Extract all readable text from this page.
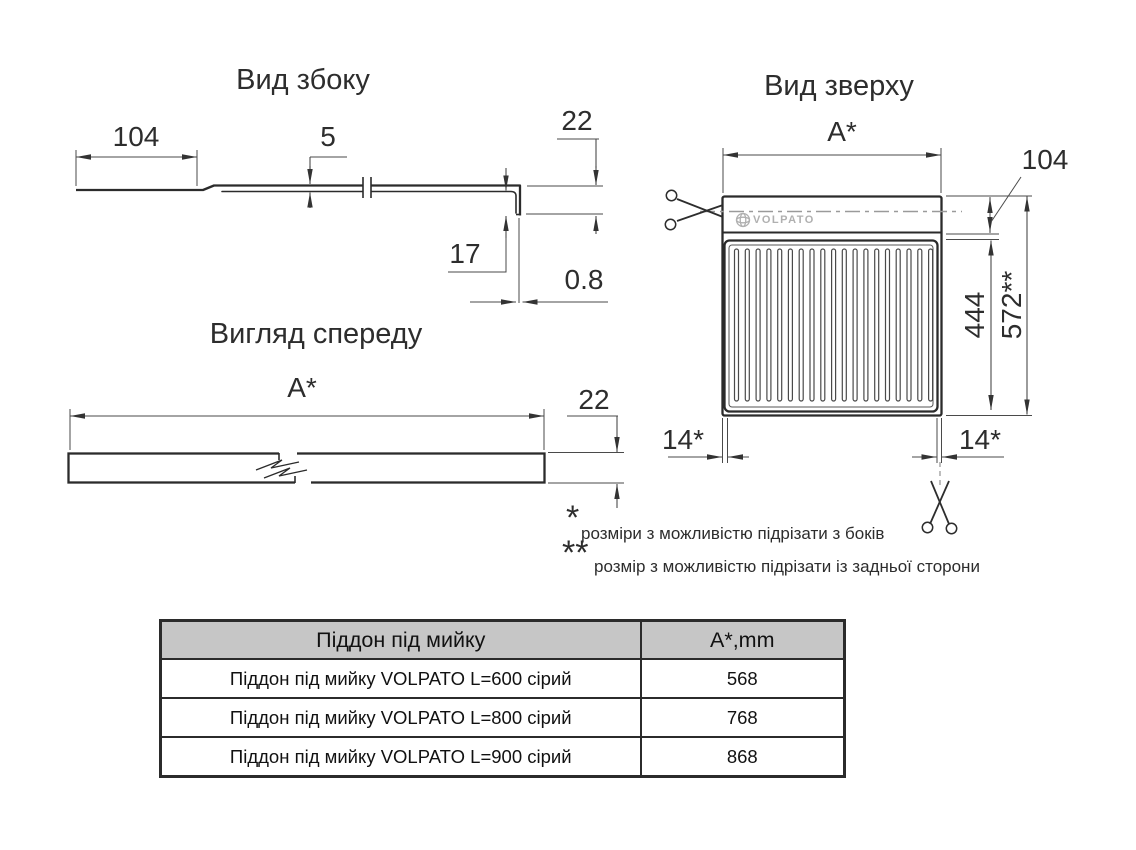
Вид збоку
104	5
22
17
0.8
Вигляд спереду
A*	22
Вид зверху
A*
104
444 572**
14*	14*
VOLPATO
* розміри з можливістю підрізати з боків
** розмір з можливістю підрізати із задньої сторони
Піддон під мийку	A*,mm
Піддон під мийку VOLPATO L=600 сірий	568
Піддон під мийку VOLPATO L=800 сірий	768
Піддон під мийку VOLPATO L=900 сірий	868
